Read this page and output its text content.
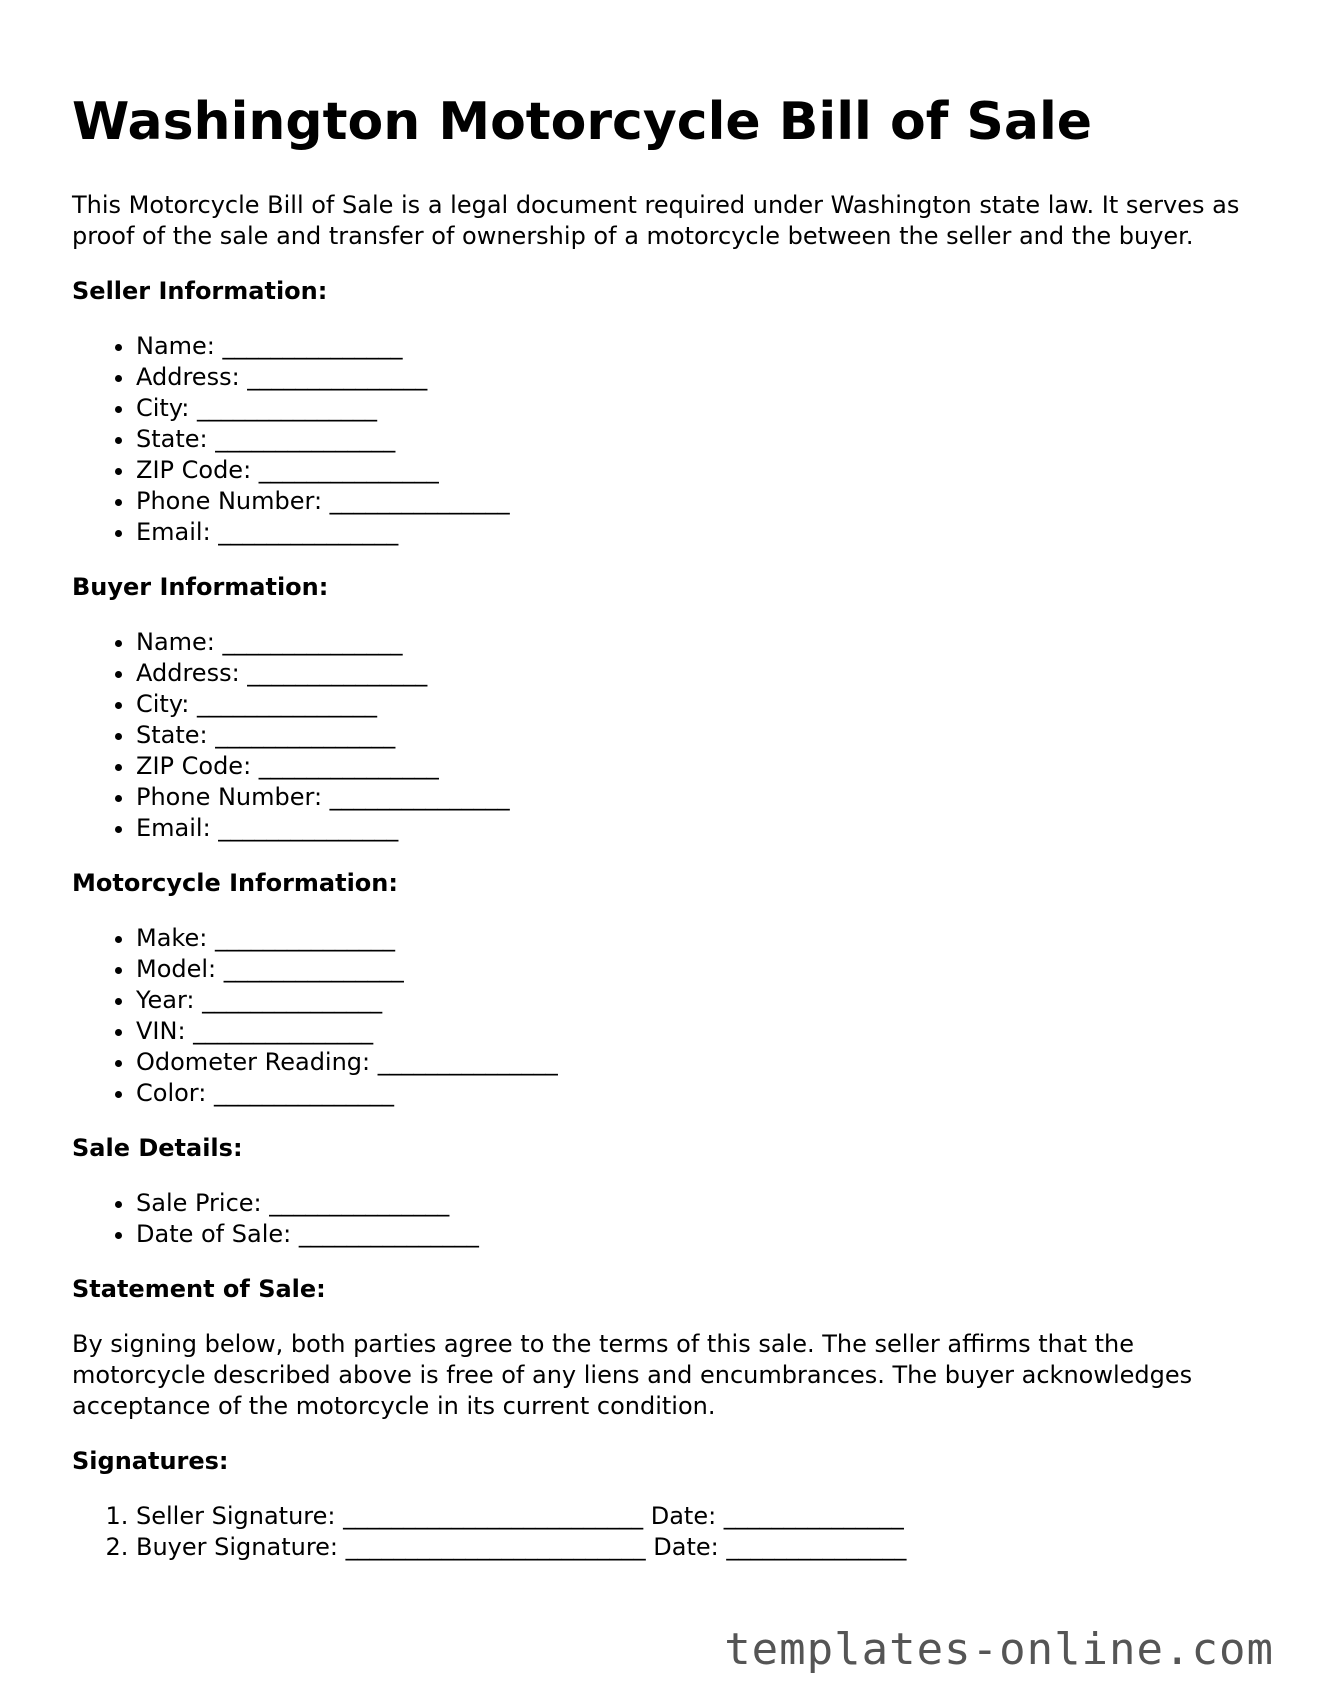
Washington Motorcycle Bill of Sale

This Motorcycle Bill of Sale is a legal document required under Washington state law. It serves as proof of the sale and transfer of ownership of a motorcycle between the seller and the buyer.

Seller Information:
• Name: _______________
• Address: _______________
• City: _______________
• State: _______________
• ZIP Code: _______________
• Phone Number: _______________
• Email: _______________
Buyer Information:
• Name: _______________
• Address: _______________
• City: _______________
• State: _______________
• ZIP Code: _______________
• Phone Number: _______________
• Email: _______________
Motorcycle Information:
• Make: _______________
• Model: _______________
• Year: _______________
• VIN: _______________
• Odometer Reading: _______________
• Color: _______________
Sale Details:
• Sale Price: _______________
• Date of Sale: _______________
Statement of Sale:

By signing below, both parties agree to the terms of this sale. The seller affirms that the motorcycle described above is free of any liens and encumbrances. The buyer acknowledges acceptance of the motorcycle in its current condition.

Signatures:
1. Seller Signature: _________________________ Date: _______________
2. Buyer Signature: _________________________ Date: _______________
templates-online.com
